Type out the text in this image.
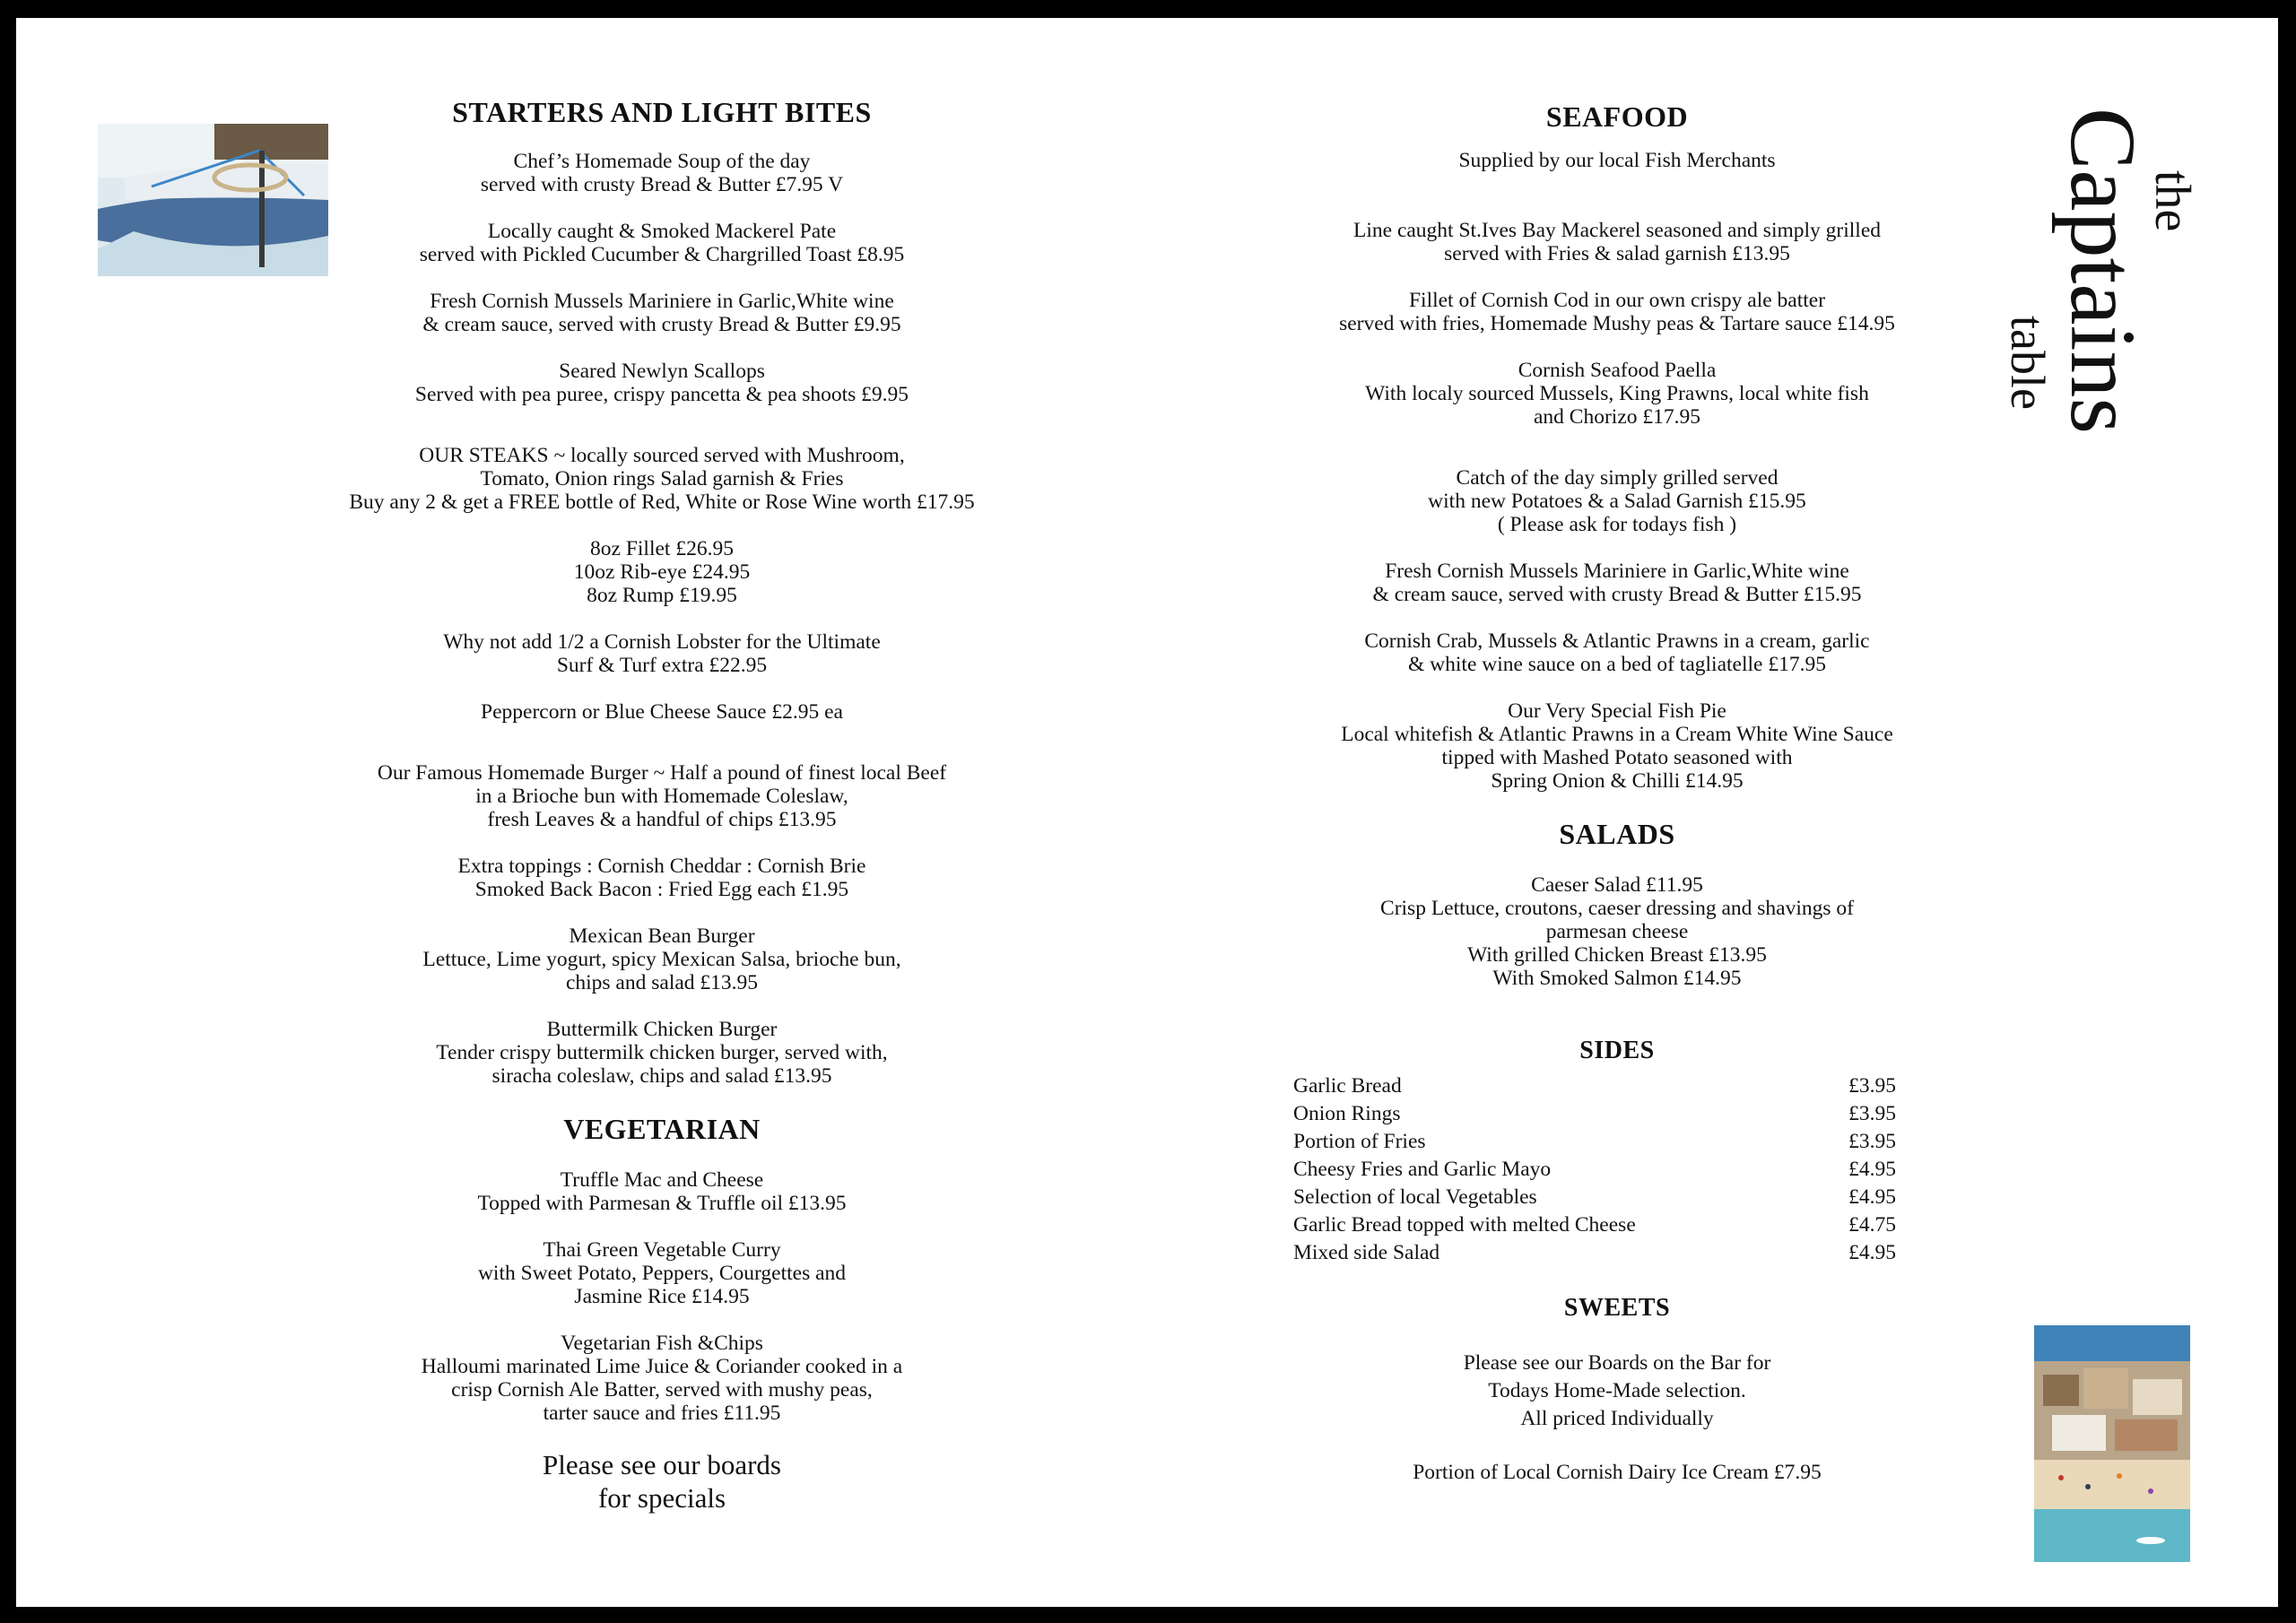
STARTERS AND LIGHT BITES
Chef’s Homemade Soup of the day
served with crusty Bread & Butter £7.95 V
Locally caught & Smoked Mackerel Pate
served with Pickled Cucumber & Chargrilled Toast £8.95
Fresh Cornish Mussels Mariniere in Garlic,White wine
& cream sauce, served with crusty Bread & Butter £9.95
Seared Newlyn Scallops
Served with pea puree, crispy pancetta & pea shoots £9.95
OUR STEAKS ~ locally sourced served with Mushroom,
Tomato, Onion rings Salad garnish & Fries
Buy any 2 & get a FREE bottle of Red, White or Rose Wine worth £17.95
8oz Fillet £26.95
10oz Rib-eye £24.95
8oz Rump £19.95
Why not add 1/2 a Cornish Lobster for the Ultimate
Surf & Turf extra £22.95
Peppercorn or Blue Cheese Sauce £2.95 ea
Our Famous Homemade Burger ~ Half a pound of finest local Beef
in a Brioche bun with Homemade Coleslaw,
fresh Leaves & a handful of chips £13.95
Extra toppings : Cornish Cheddar : Cornish Brie
Smoked Back Bacon : Fried Egg each £1.95
Mexican Bean Burger
Lettuce, Lime yogurt, spicy Mexican Salsa, brioche bun,
chips and salad £13.95
Buttermilk Chicken Burger
Tender crispy buttermilk chicken burger, served with,
siracha coleslaw, chips and salad £13.95
VEGETARIAN
Truffle Mac and Cheese
Topped with Parmesan & Truffle oil £13.95
Thai Green Vegetable Curry
with Sweet Potato, Peppers, Courgettes and
Jasmine Rice £14.95
Vegetarian Fish &Chips
Halloumi marinated Lime Juice & Coriander cooked in a
crisp Cornish Ale Batter, served with mushy peas,
tarter sauce and fries £11.95
Please see our boards
for specials
SEAFOOD
Supplied by our local Fish Merchants
Line caught St.Ives Bay Mackerel seasoned and simply grilled
served with Fries & salad garnish £13.95
Fillet of Cornish Cod in our own crispy ale batter
served with fries, Homemade Mushy peas & Tartare sauce £14.95
Cornish Seafood Paella
With localy sourced Mussels, King Prawns, local white fish
and Chorizo £17.95
Catch of the day simply grilled served
with new Potatoes & a Salad Garnish £15.95
( Please ask for todays fish )
Fresh Cornish Mussels Mariniere in Garlic,White wine
& cream sauce, served with crusty Bread & Butter £15.95
Cornish Crab, Mussels & Atlantic Prawns in a cream, garlic
& white wine sauce on a bed of tagliatelle £17.95
Our Very Special Fish Pie
Local whitefish & Atlantic Prawns in a Cream White Wine Sauce
tipped with Mashed Potato seasoned with
Spring Onion & Chilli £14.95
SALADS
Caeser Salad £11.95
Crisp Lettuce, croutons, caeser dressing and shavings of
parmesan cheese
With grilled Chicken Breast £13.95
With Smoked Salmon £14.95
SIDES
Garlic Bread	£3.95
Onion Rings	£3.95
Portion of Fries	£3.95
Cheesy Fries and Garlic Mayo	£4.95
Selection of local Vegetables	£4.95
Garlic Bread topped with melted Cheese	£4.75
Mixed side Salad	£4.95
SWEETS
Please see our Boards on the Bar for
Todays Home-Made selection.
All priced Individually
Portion of Local Cornish Dairy Ice Cream £7.95
the
Captains
table
